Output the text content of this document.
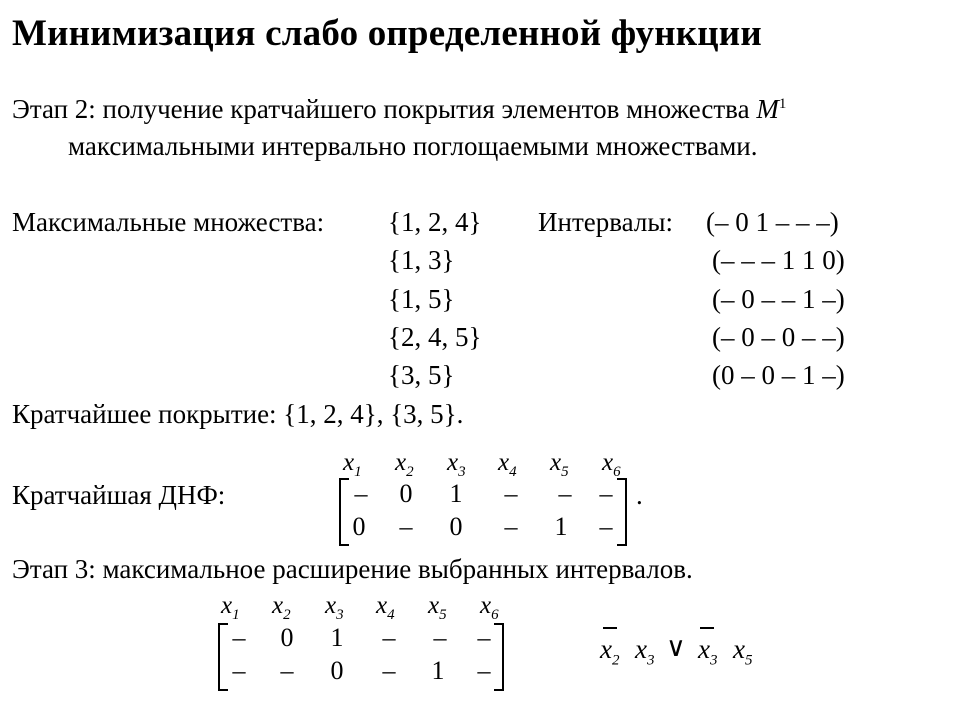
Минимизация слабо определенной функции
Этап 2: получение кратчайшего покрытия элементов множества $M^1$
максимальными интервально поглощаемыми множествами.
Максимальные множества:	Интервалы:
{1, 2, 4}	(– 0 1 – – –)
{1, 3}	(– – – 1 1 0)
{1, 5}	(– 0 – – 1 –)
{2, 4, 5}	(– 0 – 0 – –)
{3, 5}	(0 – 0 – 1 –)
Кратчайшее покрытие: {1, 2, 4}, {3, 5}.
Кратчайшая ДНФ:
$x_1$ $x_2$ $x_3$ $x_4$ $x_5$ $x_6$
–	0	1	–	–	–
0	–	0	–	1	–
.
Этап 3: максимальное расширение выбранных интервалов.
$x_1$ $x_2$ $x_3$ $x_4$ $x_5$ $x_6$
–	0	1	–	–	–
–	–	0	–	1	–
$x_2$ $x_3$ ∨ $x_3$ $x_5$
